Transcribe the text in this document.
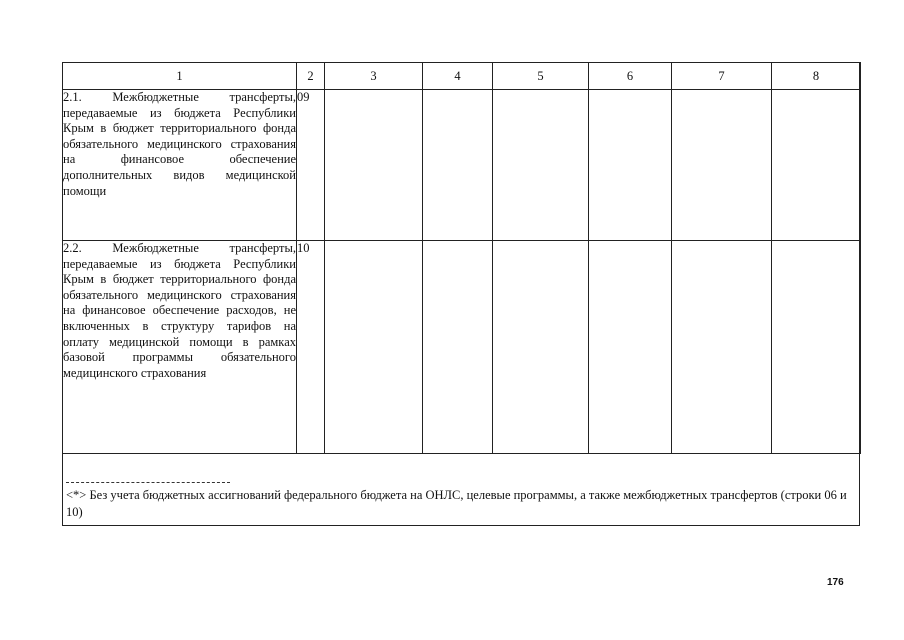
1	2	3	4	5	6	7	8
2.1. Межбюджетные трансферты, передаваемые из бюджета Республики Крым в бюджет территориального фонда обязательного медицинского страхования на финансовое обеспечение дополнительных видов медицинской помощи	09						
2.2. Межбюджетные трансферты, передаваемые из бюджета Республики Крым в бюджет территориального фонда обязательного медицинского страхования на финансовое обеспечение расходов, не включенных в структуру тарифов на оплату медицинской помощи в рамках базовой программы обязательного медицинского страхования	10						
<*> Без учета бюджетных ассигнований федерального бюджета на ОНЛС, целевые программы, а также межбюджетных трансфертов (строки 06 и 10)
176
